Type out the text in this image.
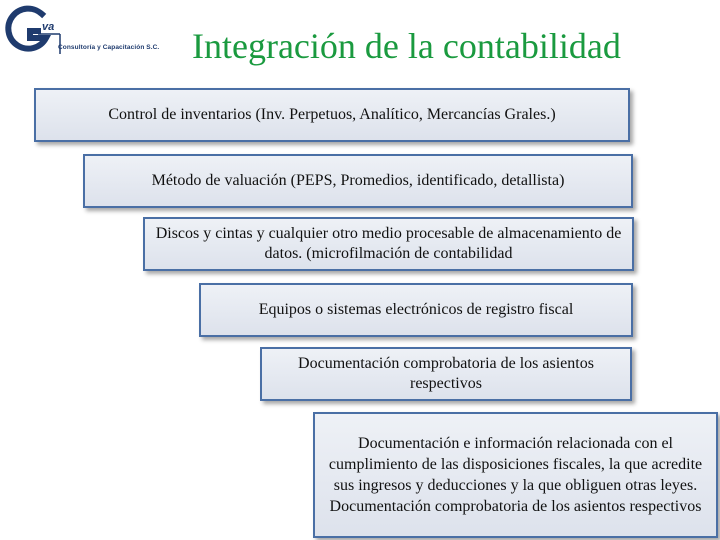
va
Consultoría y Capacitación S.C. Integración de la contabilidad
Control de inventarios (Inv. Perpetuos, Analítico, Mercancías Grales.)
Método de valuación (PEPS, Promedios, identificado, detallista)
Discos y cintas y cualquier otro medio procesable de almacenamiento de datos. (microfilmación de contabilidad
Equipos o sistemas electrónicos de registro fiscal
Documentación comprobatoria de los asientos respectivos
Documentación e información relacionada con el cumplimiento de las disposiciones fiscales, la que acredite sus ingresos y deducciones y la que obliguen otras leyes. Documentación comprobatoria de los asientos respectivos
